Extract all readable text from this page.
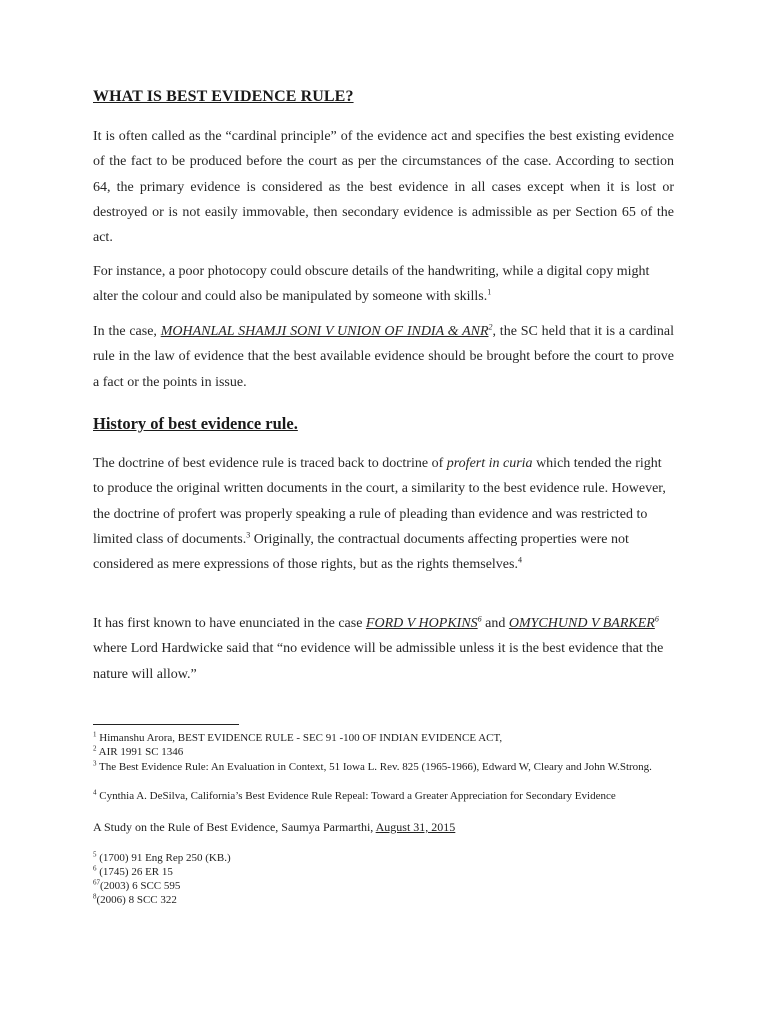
WHAT IS BEST EVIDENCE RULE?

It is often called as the “cardinal principle” of the evidence act and specifies the best existing evidence of the fact to be produced before the court as per the circumstances of the case. According to section 64, the primary evidence is considered as the best evidence in all cases except when it is lost or destroyed or is not easily immovable, then secondary evidence is admissible as per Section 65 of the act.

For instance, a poor photocopy could obscure details of the handwriting, while a digital copy might alter the colour and could also be manipulated by someone with skills.$^1$

In the case, MOHANLAL SHAMJI SONI V UNION OF INDIA & ANR$^2$, the SC held that it is a cardinal rule in the law of evidence that the best available evidence should be brought before the court to prove a fact or the points in issue.

History of best evidence rule.

The doctrine of best evidence rule is traced back to doctrine of profert in curia which tended the right to produce the original written documents in the court, a similarity to the best evidence rule. However, the doctrine of profert was properly speaking a rule of pleading than evidence and was restricted to limited class of documents.$^3$ Originally, the contractual documents affecting properties were not considered as mere expressions of those rights, but as the rights themselves.$^4$

It has first known to have enunciated in the case FORD V HOPKINS$^6$ and OMYCHUND V BARKER$^6$ where Lord Hardwicke said that “no evidence will be admissible unless it is the best evidence that the nature will allow.”

$^1$ Himanshu Arora, BEST EVIDENCE RULE - SEC 91 -100 OF INDIAN EVIDENCE ACT,

$^2$ AIR 1991 SC 1346

$^3$ The Best Evidence Rule: An Evaluation in Context, 51 Iowa L. Rev. 825 (1965-1966), Edward W, Cleary and John W.Strong.

$^4$ Cynthia A. DeSilva, California’s Best Evidence Rule Repeal: Toward a Greater Appreciation for Secondary Evidence

A Study on the Rule of Best Evidence, Saumya Parmarthi, August 31, 2015

$^5$ (1700) 91 Eng Rep 250 (KB.)

$^6$ (1745) 26 ER 15

$^{67}$(2003) 6 SCC 595

$^8$(2006) 8 SCC 322
